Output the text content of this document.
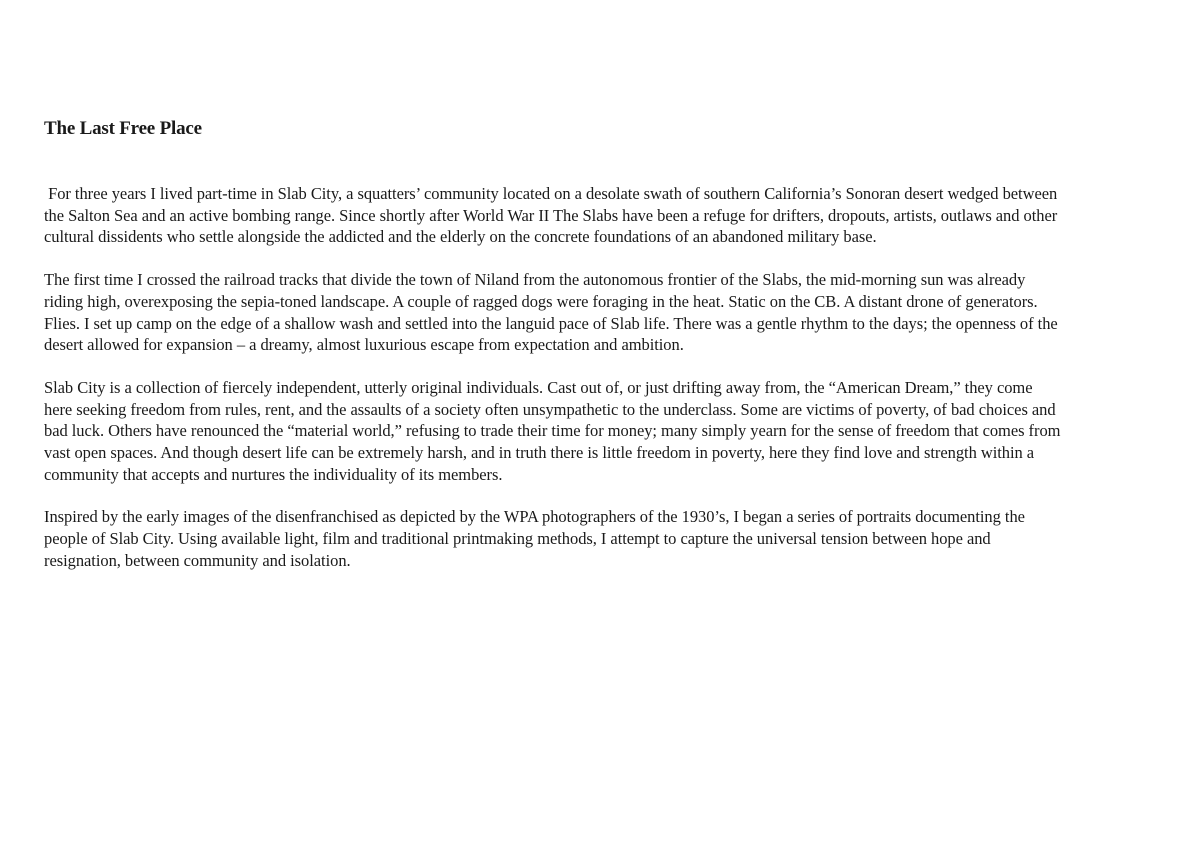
The Last Free Place

For three years I lived part-time in Slab City, a squatters’ community located on a desolate swath of southern California’s Sonoran desert wedged between the Salton Sea and an active bombing range. Since shortly after World War II The Slabs have been a refuge for drifters, dropouts, artists, outlaws and other cultural dissidents who settle alongside the addicted and the elderly on the concrete foundations of an abandoned military base.

The first time I crossed the railroad tracks that divide the town of Niland from the autonomous frontier of the Slabs, the mid-morning sun was already riding high, overexposing the sepia-toned landscape. A couple of ragged dogs were foraging in the heat. Static on the CB. A distant drone of generators. Flies. I set up camp on the edge of a shallow wash and settled into the languid pace of Slab life. There was a gentle rhythm to the days; the openness of the desert allowed for expansion – a dreamy, almost luxurious escape from expectation and ambition.

Slab City is a collection of fiercely independent, utterly original individuals. Cast out of, or just drifting away from, the “American Dream,” they come here seeking freedom from rules, rent, and the assaults of a society often unsympathetic to the underclass. Some are victims of poverty, of bad choices and bad luck. Others have renounced the “material world,” refusing to trade their time for money; many simply yearn for the sense of freedom that comes from vast open spaces. And though desert life can be extremely harsh, and in truth there is little freedom in poverty, here they find love and strength within a community that accepts and nurtures the individuality of its members.

Inspired by the early images of the disenfranchised as depicted by the WPA photographers of the 1930’s, I began a series of portraits documenting the people of Slab City. Using available light, film and traditional printmaking methods, I attempt to capture the universal tension between hope and resignation, between community and isolation.
